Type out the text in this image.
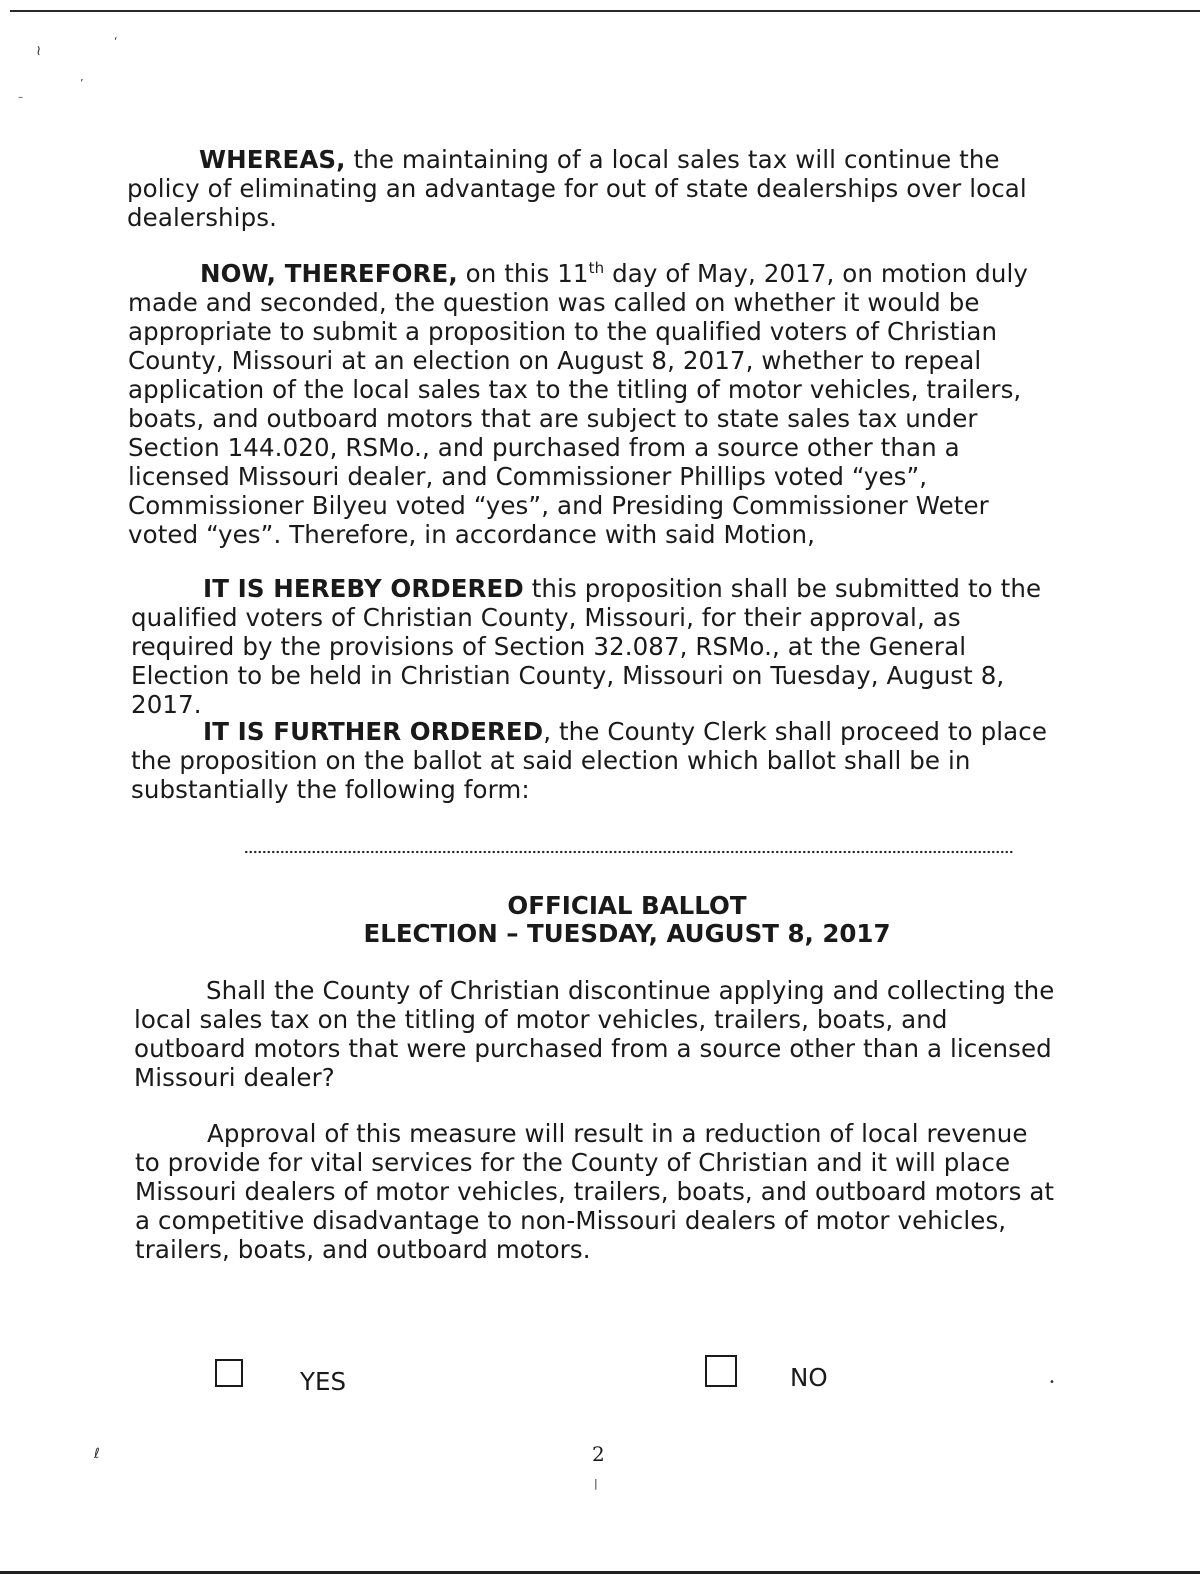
≀
‘
’
–

WHEREAS, the maintaining of a local sales tax will continue the policy of eliminating an advantage for out of state dealerships over local dealerships.

NOW, THEREFORE, on this 11th day of May, 2017, on motion duly made and seconded, the question was called on whether it would be appropriate to submit a proposition to the qualified voters of Christian County, Missouri at an election on August 8, 2017, whether to repeal application of the local sales tax to the titling of motor vehicles, trailers, boats, and outboard motors that are subject to state sales tax under Section 144.020, RSMo., and purchased from a source other than a licensed Missouri dealer, and Commissioner Phillips voted “yes”, Commissioner Bilyeu voted “yes”, and Presiding Commissioner Weter voted “yes”. Therefore, in accordance with said Motion,

IT IS HEREBY ORDERED this proposition shall be submitted to the qualified voters of Christian County, Missouri, for their approval, as required by the provisions of Section 32.087, RSMo., at the General Election to be held in Christian County, Missouri on Tuesday, August 8, 2017.

IT IS FURTHER ORDERED, the County Clerk shall proceed to place the proposition on the ballot at said election which ballot shall be in substantially the following form:

OFFICIAL BALLOT

ELECTION – TUESDAY, AUGUST 8, 2017

Shall the County of Christian discontinue applying and collecting the local sales tax on the titling of motor vehicles, trailers, boats, and outboard motors that were purchased from a source other than a licensed Missouri dealer?

Approval of this measure will result in a reduction of local revenue to provide for vital services for the County of Christian and it will place Missouri dealers of motor vehicles, trailers, boats, and outboard motors at a competitive disadvantage to non-Missouri dealers of motor vehicles, trailers, boats, and outboard motors.

YES	NO	•
ℓ	2
|
